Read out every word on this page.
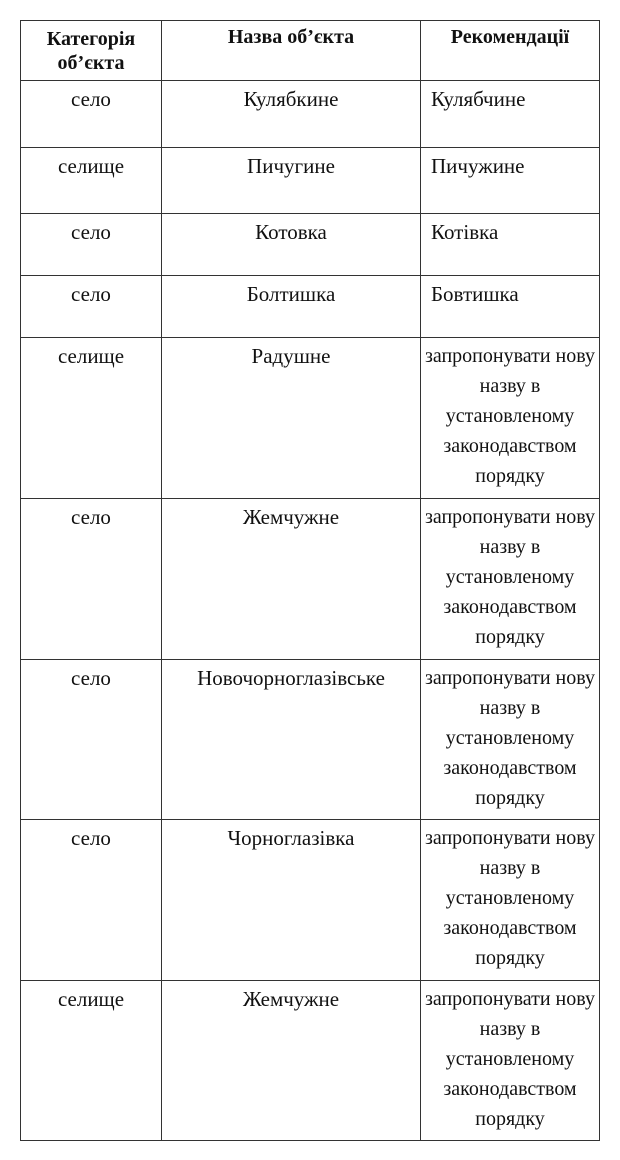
Категорія об’єкта	Назва об’єкта	Рекомендації
село	Кулябкине	Кулябчине
селище	Пичугине	Пичужине
село	Котовка	Котівка
село	Болтишка	Бовтишка
селище	Радушне	запропонувати нову назву в установленому законодавством порядку
село	Жемчужне	запропонувати нову назву в установленому законодавством порядку
село	Новочорноглазівське	запропонувати нову назву в установленому законодавством порядку
село	Чорноглазівка	запропонувати нову назву в установленому законодавством порядку
селище	Жемчужне	запропонувати нову назву в установленому законодавством порядку
